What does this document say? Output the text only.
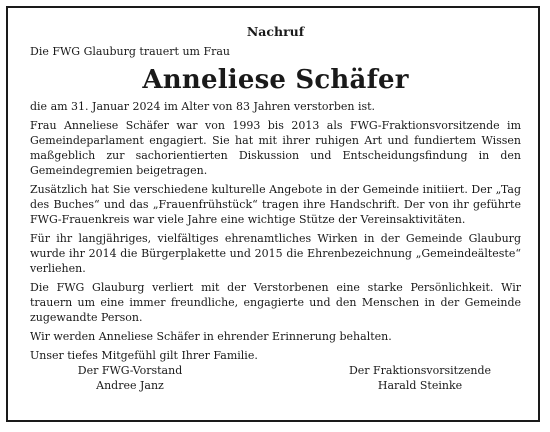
Nachruf

Die FWG Glauburg trauert um Frau

Anneliese Schäfer

die am 31. Januar 2024 im Alter von 83 Jahren verstorben ist.

Frau Anneliese Schäfer war von 1993 bis 2013 als FWG-Fraktionsvorsitzende im Gemeindeparlament engagiert. Sie hat mit ihrer ruhigen Art und fundiertem Wissen maßgeblich zur sachorientierten Diskussion und Entscheidungsfindung in den Gemeindegremien beigetragen.

Zusätzlich hat Sie verschiedene kulturelle Angebote in der Gemeinde initiiert. Der „Tag des Buches“ und das „Frauenfrühstück“ tragen ihre Handschrift. Der von ihr geführte FWG-Frauenkreis war viele Jahre eine wichtige Stütze der Vereinsaktivitäten.

Für ihr langjähriges, vielfältiges ehrenamtliches Wirken in der Gemeinde Glauburg wurde ihr 2014 die Bürgerplakette und 2015 die Ehrenbezeichnung „Gemeindeälteste“ verliehen.

Die FWG Glauburg verliert mit der Verstorbenen eine starke Persönlichkeit. Wir trauern um eine immer freundliche, engagierte und den Menschen in der Gemeinde zugewandte Person.

Wir werden Anneliese Schäfer in ehrender Erinnerung behalten.

Unser tiefes Mitgefühl gilt Ihrer Familie.

Der FWG-Vorstand
Andree Janz
Der Fraktionsvorsitzende
Harald Steinke
